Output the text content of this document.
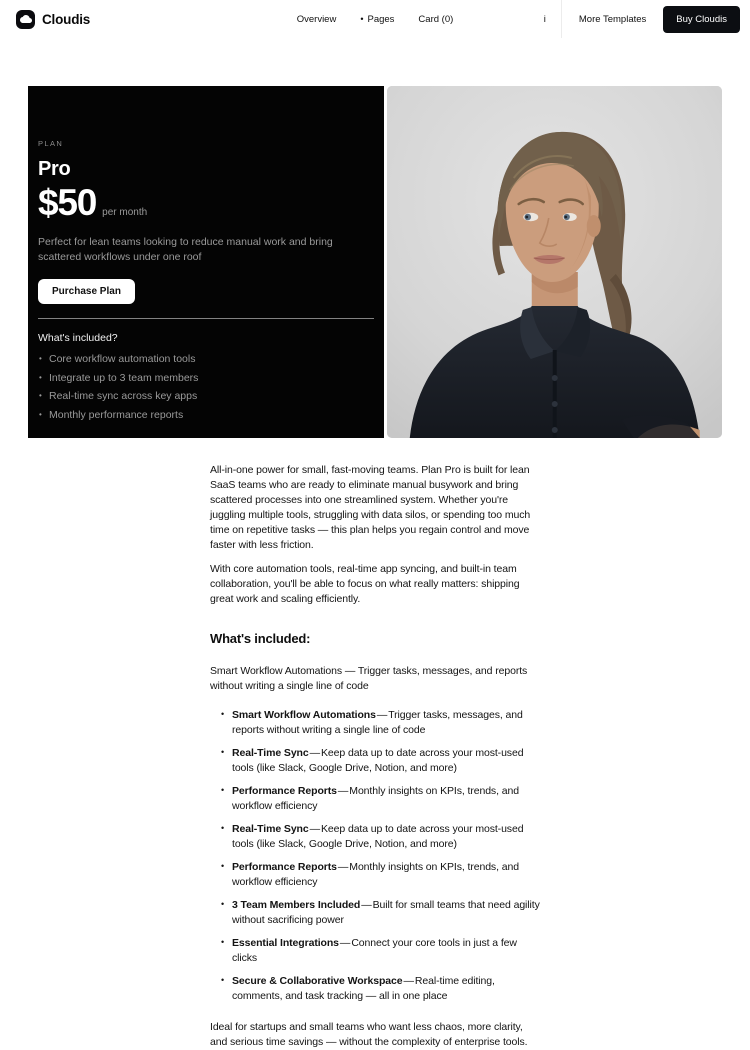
Cloudis	Overview	• Pages	Card (0)	i	More Templates	Buy Cloudis
PLAN
Pro
$50 per month

Perfect for lean teams looking to reduce manual work and bring scattered workflows under one roof

Purchase Plan
What's included?
• Core workflow automation tools
• Integrate up to 3 team members
• Real-time sync across key apps
• Monthly performance reports

All-in-one power for small, fast-moving teams. Plan Pro is built for lean SaaS teams who are ready to eliminate manual busywork and bring scattered processes into one streamlined system. Whether you're juggling multiple tools, struggling with data silos, or spending too much time on repetitive tasks — this plan helps you regain control and move faster with less friction.

With core automation tools, real-time app syncing, and built-in team collaboration, you'll be able to focus on what really matters: shipping great work and scaling efficiently.

What's included:

Smart Workflow Automations — Trigger tasks, messages, and reports without writing a single line of code

• Smart Workflow Automations—Trigger tasks, messages, and reports without writing a single line of code
• Real-Time Sync—Keep data up to date across your most-used tools (like Slack, Google Drive, Notion, and more)
• Performance Reports—Monthly insights on KPIs, trends, and workflow efficiency
• Real-Time Sync—Keep data up to date across your most-used tools (like Slack, Google Drive, Notion, and more)
• Performance Reports—Monthly insights on KPIs, trends, and workflow efficiency
• 3 Team Members Included—Built for small teams that need agility without sacrificing power
• Essential Integrations—Connect your core tools in just a few clicks
• Secure & Collaborative Workspace—Real-time editing, comments, and task tracking — all in one place

Ideal for startups and small teams who want less chaos, more clarity, and serious time savings — without the complexity of enterprise tools.
